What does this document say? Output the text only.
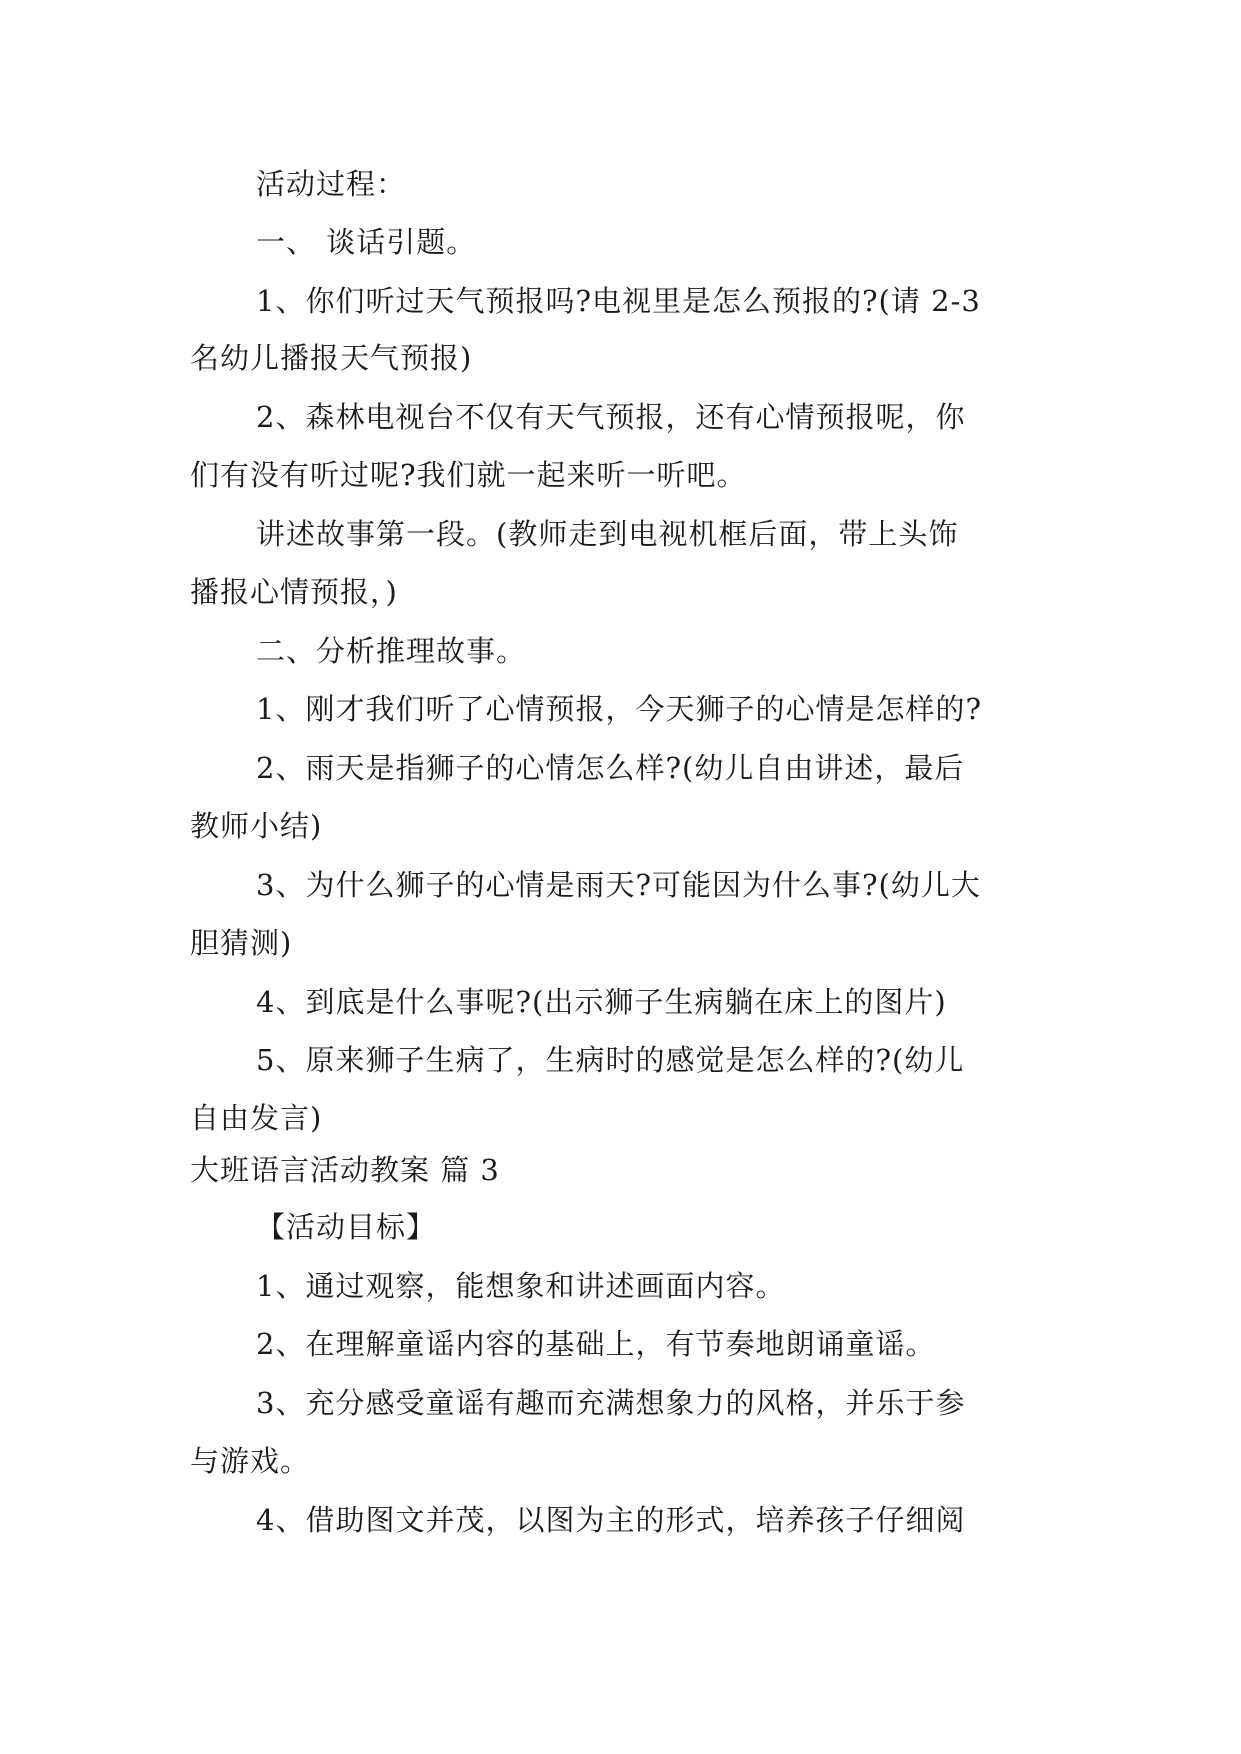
活动过程：
一、 谈话引题。
1、你们听过天气预报吗?电视里是怎么预报的?(请 2-3
名幼儿播报天气预报)
2、森林电视台不仅有天气预报，还有心情预报呢，你
们有没有听过呢?我们就一起来听一听吧。
讲述故事第一段。(教师走到电视机框后面，带上头饰
播报心情预报，)
二、分析推理故事。
1、刚才我们听了心情预报，今天狮子的心情是怎样的?
2、雨天是指狮子的心情怎么样?(幼儿自由讲述，最后
教师小结)
3、为什么狮子的心情是雨天?可能因为什么事?(幼儿大
胆猜测)
4、到底是什么事呢?(出示狮子生病躺在床上的图片)
5、原来狮子生病了，生病时的感觉是怎么样的?(幼儿
自由发言)
大班语言活动教案 篇 3
【活动目标】
1、通过观察，能想象和讲述画面内容。
2、在理解童谣内容的基础上，有节奏地朗诵童谣。
3、充分感受童谣有趣而充满想象力的风格，并乐于参
与游戏。
4、借助图文并茂，以图为主的形式，培养孩子仔细阅
